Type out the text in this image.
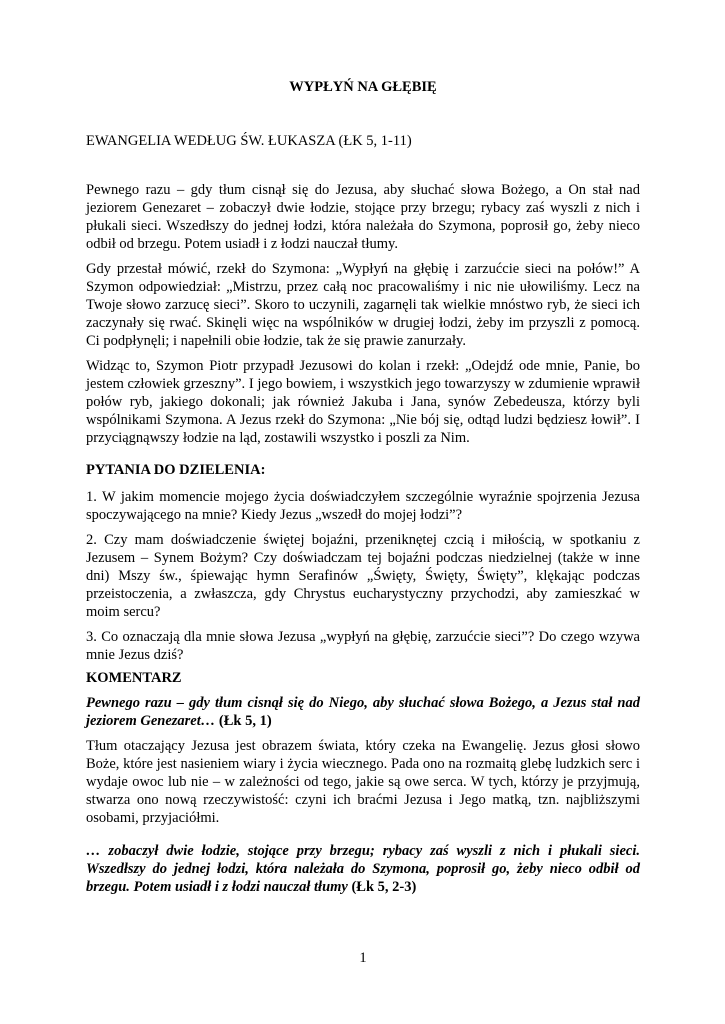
WYPŁYŃ NA GŁĘBIĘ
EWANGELIA WEDŁUG ŚW. ŁUKASZA (ŁK 5, 1-11)

Pewnego razu – gdy tłum cisnął się do Jezusa, aby słuchać słowa Bożego, a On stał nad jeziorem Genezaret – zobaczył dwie łodzie, stojące przy brzegu; rybacy zaś wyszli z nich i płukali sieci. Wszedłszy do jednej łodzi, która należała do Szymona, poprosił go, żeby nieco odbił od brzegu. Potem usiadł i z łodzi nauczał tłumy.

Gdy przestał mówić, rzekł do Szymona: „Wypłyń na głębię i zarzućcie sieci na połów!” A Szymon odpowiedział: „Mistrzu, przez całą noc pracowaliśmy i nic nie ułowiliśmy. Lecz na Twoje słowo zarzucę sieci”. Skoro to uczynili, zagarnęli tak wielkie mnóstwo ryb, że sieci ich zaczynały się rwać. Skinęli więc na wspólników w drugiej łodzi, żeby im przyszli z pomocą. Ci podpłynęli; i napełnili obie łodzie, tak że się prawie zanurzały.

Widząc to, Szymon Piotr przypadł Jezusowi do kolan i rzekł: „Odejdź ode mnie, Panie, bo jestem człowiek grzeszny”. I jego bowiem, i wszystkich jego towarzyszy w zdumienie wprawił połów ryb, jakiego dokonali; jak również Jakuba i Jana, synów Zebedeusza, którzy byli wspólnikami Szymona. A Jezus rzekł do Szymona: „Nie bój się, odtąd ludzi będziesz łowił”. I przyciągnąwszy łodzie na ląd, zostawili wszystko i poszli za Nim.

PYTANIA DO DZIELENIA:

1. W jakim momencie mojego życia doświadczyłem szczególnie wyraźnie spojrzenia Jezusa spoczywającego na mnie? Kiedy Jezus „wszedł do mojej łodzi”?

2. Czy mam doświadczenie świętej bojaźni, przeniknętej czcią i miłością, w spotkaniu z Jezusem – Synem Bożym? Czy doświadczam tej bojaźni podczas niedzielnej (także w inne dni) Mszy św., śpiewając hymn Serafinów „Święty, Święty, Święty”, klękając podczas przeistoczenia, a zwłaszcza, gdy Chrystus eucharystyczny przychodzi, aby zamieszkać w moim sercu?

3. Co oznaczają dla mnie słowa Jezusa „wypłyń na głębię, zarzućcie sieci”? Do czego wzywa mnie Jezus dziś?

KOMENTARZ

Pewnego razu – gdy tłum cisnął się do Niego, aby słuchać słowa Bożego, a Jezus stał nad jeziorem Genezaret… (Łk 5, 1)

Tłum otaczający Jezusa jest obrazem świata, który czeka na Ewangelię. Jezus głosi słowo Boże, które jest nasieniem wiary i życia wiecznego. Pada ono na rozmaitą glebę ludzkich serc i wydaje owoc lub nie – w zależności od tego, jakie są owe serca. W tych, którzy je przyjmują, stwarza ono nową rzeczywistość: czyni ich braćmi Jezusa i Jego matką, tzn. najbliższymi osobami, przyjaciółmi.

… zobaczył dwie łodzie, stojące przy brzegu; rybacy zaś wyszli z nich i płukali sieci. Wszedłszy do jednej łodzi, która należała do Szymona, poprosił go, żeby nieco odbił od brzegu. Potem usiadł i z łodzi nauczał tłumy (Łk 5, 2-3)

1
